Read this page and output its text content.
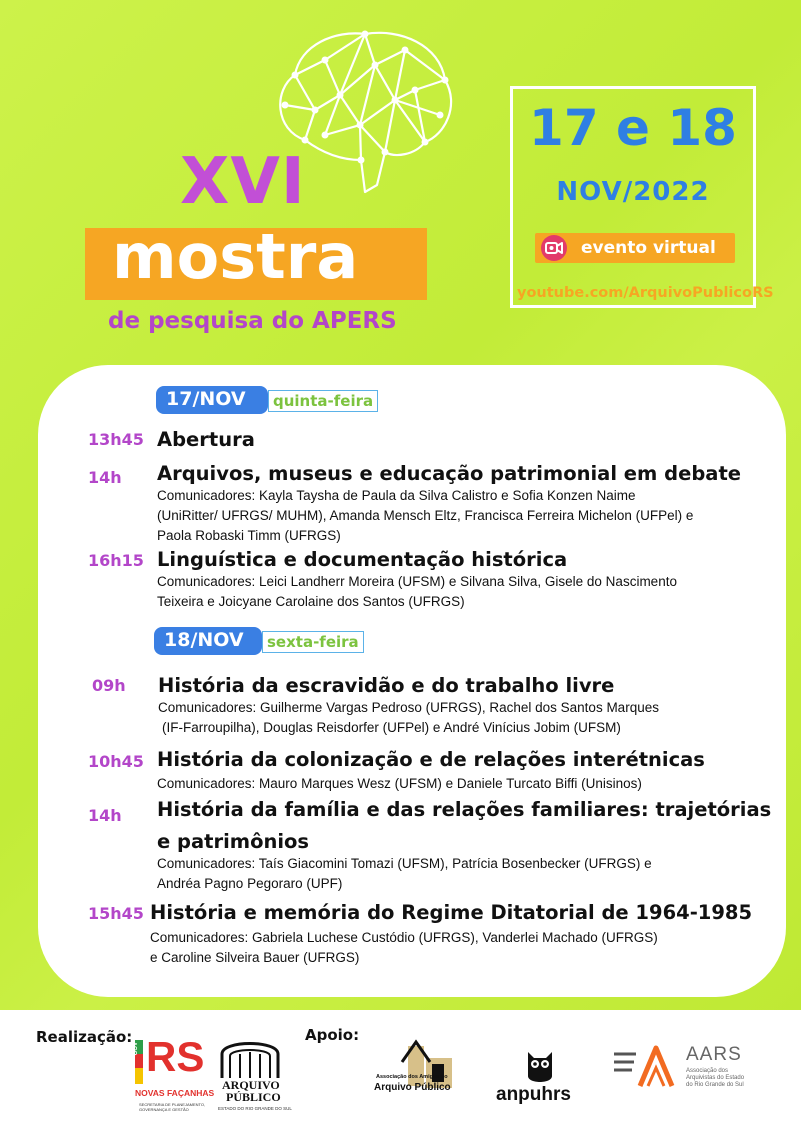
XVI
mostra
de pesquisa do APERS
17 e 18
NOV/2022
evento virtual
youtube.com/ArquivoPublicoRS
17/NOV	quinta-feira
13h45 Abertura
14h Arquivos, museus e educação patrimonial em debate
Comunicadores: Kayla Taysha de Paula da Silva Calistro e Sofia Konzen Naime
(UniRitter/ UFRGS/ MUHM), Amanda Mensch Eltz, Francisca Ferreira Michelon (UFPel) e
Paola Robaski Timm (UFRGS)
16h15 Linguística e documentação histórica
Comunicadores: Leici Landherr Moreira (UFSM) e Silvana Silva, Gisele do Nascimento
Teixeira e Joicyane Carolaine dos Santos (UFRGS)
18/NOV	sexta-feira
09h História da escravidão e do trabalho livre
Comunicadores: Guilherme Vargas Pedroso (UFRGS), Rachel dos Santos Marques
(IF-Farroupilha), Douglas Reisdorfer (UFPel) e André Vinícius Jobim (UFSM)
10h45 História da colonização e de relações interétnicas
Comunicadores: Mauro Marques Wesz (UFSM) e Daniele Turcato Biffi (Unisinos)
14h História da família e das relações familiares: trajetórias
e patrimônios
Comunicadores: Taís Giacomini Tomazi (UFSM), Patrícia Bosenbecker (UFRGS) e
Andréa Pagno Pegoraro (UPF)
15h45 História e memória do Regime Ditatorial de 1964-1985
Comunicadores: Gabriela Luchese Custódio (UFRGS), Vanderlei Machado (UFRGS)
e Caroline Silveira Bauer (UFRGS)
Realização:	Apoio:
GOV RS
NOVAS FAÇANHAS
SECRETARIA DE PLANEJAMENTO, GOVERNANÇA E GESTÃO
ARQUIVO
PÚBLICO
ESTADO DO RIO GRANDE DO SUL
Associação dos Amigos do
Arquivo Público anpuhrs
AARS
Associação dos
Arquivistas do Estado
do Rio Grande do Sul
